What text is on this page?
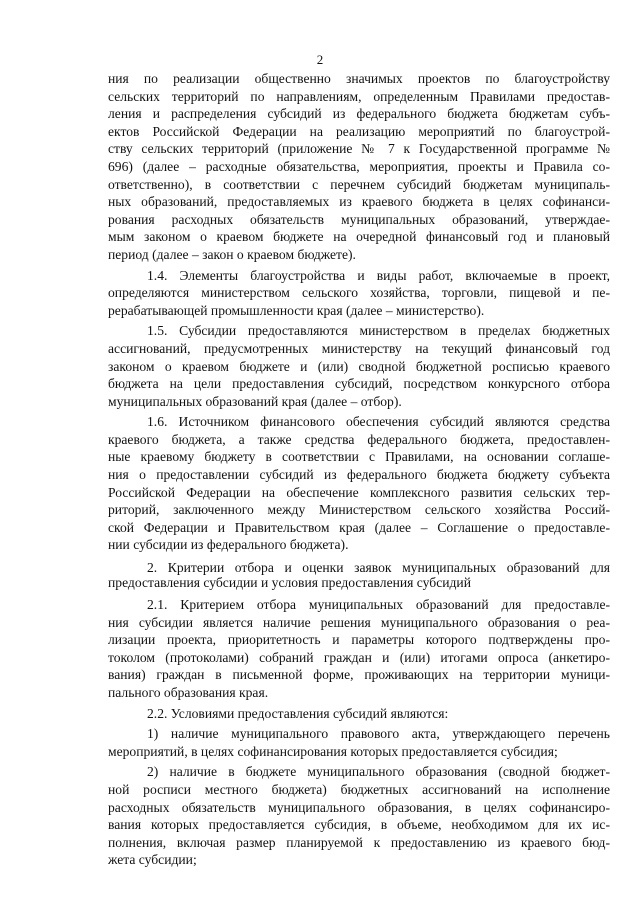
2
ния по реализации общественно значимых проектов по благоустройству
сельских территорий по направлениям, определенным Правилами предостав-
ления и распределения субсидий из федерального бюджета бюджетам субъ-
ектов Российской Федерации на реализацию мероприятий по благоустрой-
ству сельских территорий (приложение № 7 к Государственной программе №
696) (далее – расходные обязательства, мероприятия, проекты и Правила со-
ответственно), в соответствии с перечнем субсидий бюджетам муниципаль-
ных образований, предоставляемых из краевого бюджета в целях софинанси-
рования расходных обязательств муниципальных образований, утверждае-
мым законом о краевом бюджете на очередной финансовый год и плановый
период (далее – закон о краевом бюджете).
1.4. Элементы благоустройства и виды работ, включаемые в проект,
определяются министерством сельского хозяйства, торговли, пищевой и пе-
рерабатывающей промышленности края (далее – министерство).
1.5. Субсидии предоставляются министерством в пределах бюджетных
ассигнований, предусмотренных министерству на текущий финансовый год
законом о краевом бюджете и (или) сводной бюджетной росписью краевого
бюджета на цели предоставления субсидий, посредством конкурсного отбора
муниципальных образований края (далее – отбор).
1.6. Источником финансового обеспечения субсидий являются средства
краевого бюджета, а также средства федерального бюджета, предоставлен-
ные краевому бюджету в соответствии с Правилами, на основании соглаше-
ния о предоставлении субсидий из федерального бюджета бюджету субъекта
Российской Федерации на обеспечение комплексного развития сельских тер-
риторий, заключенного между Министерством сельского хозяйства Россий-
ской Федерации и Правительством края (далее – Соглашение о предоставле-
нии субсидии из федерального бюджета).
2. Критерии отбора и оценки заявок муниципальных образований для
предоставления субсидии и условия предоставления субсидий
2.1. Критерием отбора муниципальных образований для предоставле-
ния субсидии является наличие решения муниципального образования о реа-
лизации проекта, приоритетность и параметры которого подтверждены про-
токолом (протоколами) собраний граждан и (или) итогами опроса (анкетиро-
вания) граждан в письменной форме, проживающих на территории муници-
пального образования края.
2.2. Условиями предоставления субсидий являются:
1) наличие муниципального правового акта, утверждающего перечень
мероприятий, в целях софинансирования которых предоставляется субсидия;
2) наличие в бюджете муниципального образования (сводной бюджет-
ной росписи местного бюджета) бюджетных ассигнований на исполнение
расходных обязательств муниципального образования, в целях софинансиро-
вания которых предоставляется субсидия, в объеме, необходимом для их ис-
полнения, включая размер планируемой к предоставлению из краевого бюд-
жета субсидии;
